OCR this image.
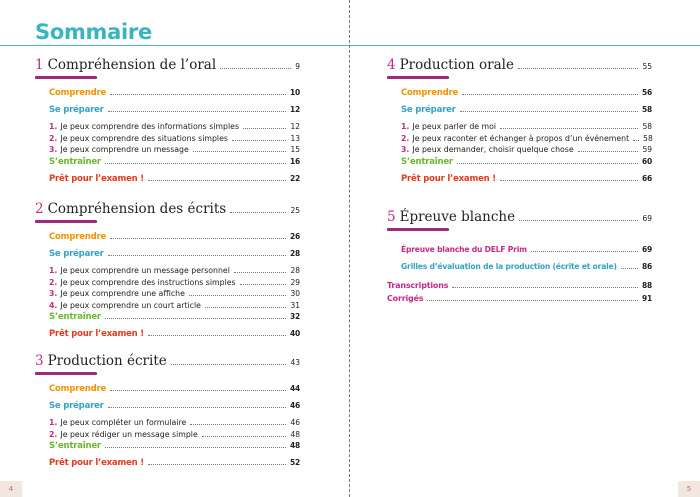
Sommaire
1 Compréhension de l’oral	9
Comprendre	10
Se préparer	12
1. Je peux comprendre des informations simples	12
2. Je peux comprendre des situations simples	13
3. Je peux comprendre un message	15
S’entraîner	16
Prêt pour l’examen !	22
2 Compréhension des écrits	25
Comprendre	26
Se préparer	28
1. Je peux comprendre un message personnel	28
2. Je peux comprendre des instructions simples	29
3. Je peux comprendre une affiche	30
4. Je peux comprendre un court article	31
S’entraîner	32
Prêt pour l’examen !	40
3 Production écrite	43
Comprendre	44
Se préparer	46
1. Je peux compléter un formulaire	46
2. Je peux rédiger un message simple	48
S’entraîner	48
Prêt pour l’examen !	52
4 Production orale	55
Comprendre	56
Se préparer	58
1. Je peux parler de moi	58
2. Je peux raconter et échanger à propos d’un événement 58
3. Je peux demander, choisir quelque chose	59
S’entraîner	60
Prêt pour l’examen !	66
5 Épreuve blanche	69
Épreuve blanche du DELF Prim	69
Grilles d’évaluation de la production (écrite et orale)	86
Transcriptions	88
Corrigés	91
4	5
